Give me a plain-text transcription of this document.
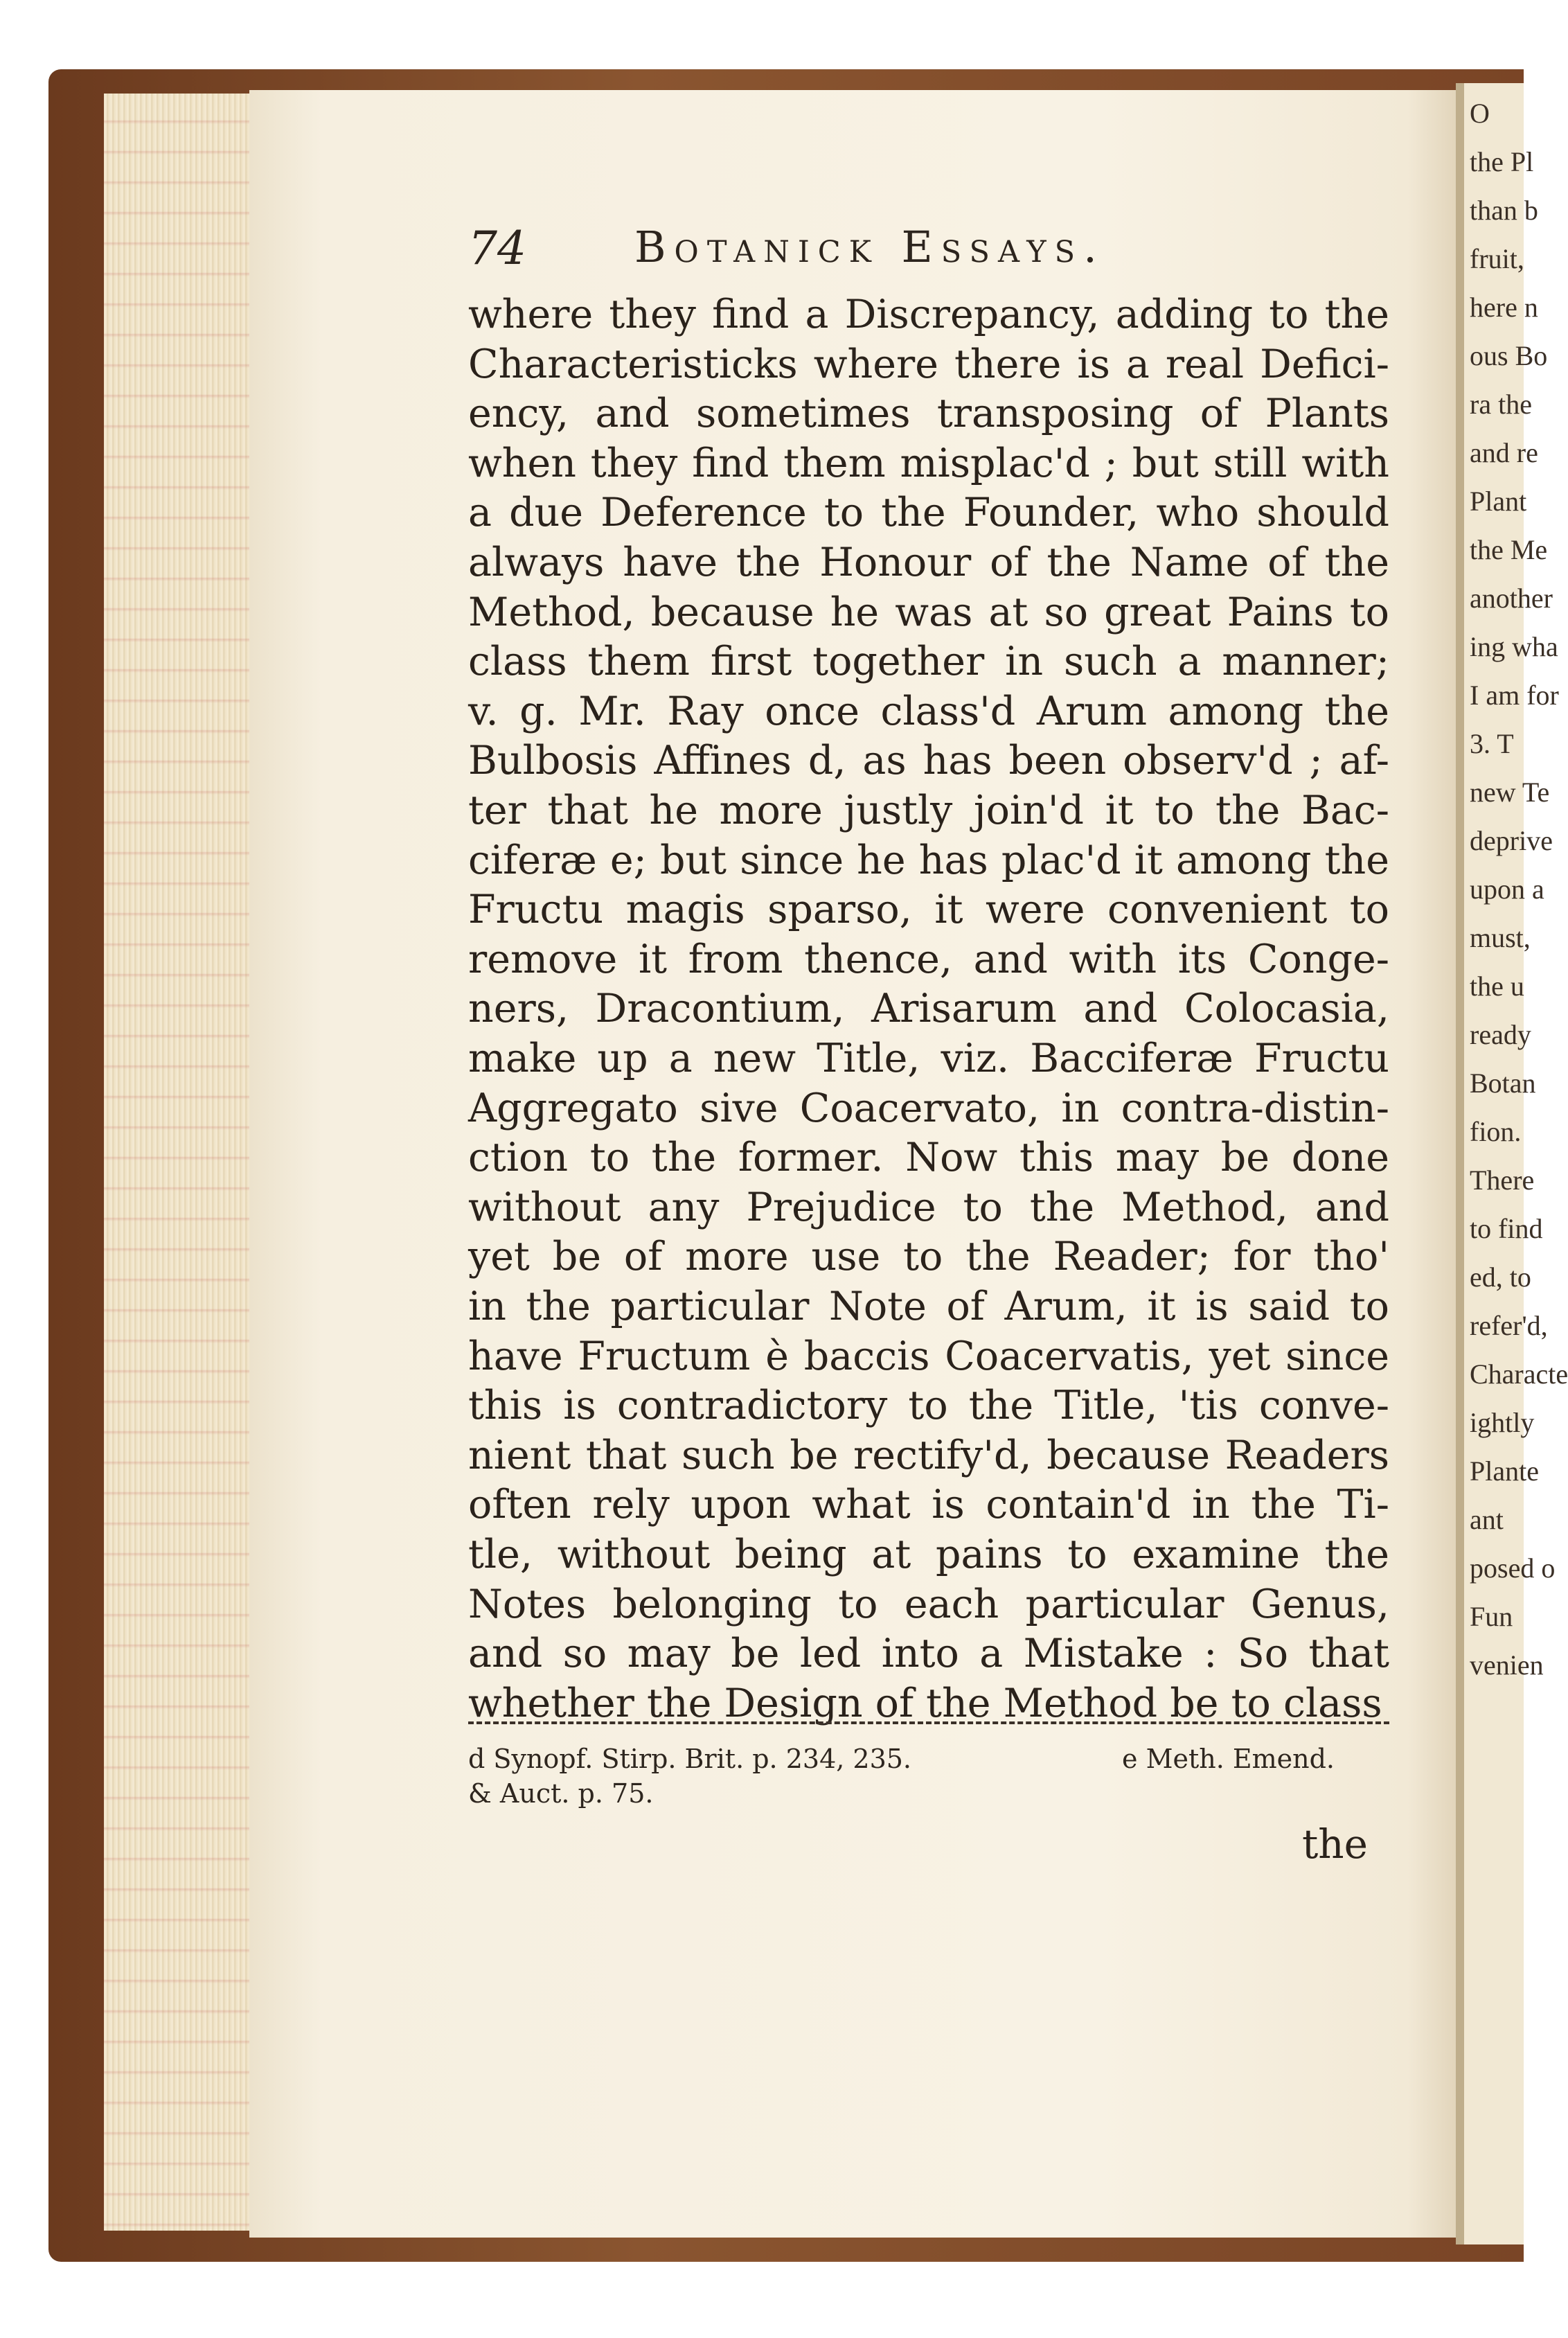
O
the Pl
than b
fruit,
here n
ous Bo
ra the
and re
Plant
the Me
another
ing wha
I am for
3. T
new Te
deprive
upon a
must,
the u
ready
Botan
fion.
There
to find
ed, to
refer'd,
Characte
ightly
Plante
ant
posed o
Fun
venien
74	Botanick Essays.
where they find a Discrepancy, adding to the
Characteristicks where there is a real Defici-
ency, and sometimes transposing of Plants
when they find them misplac'd ; but still with
a due Deference to the Founder, who should
always have the Honour of the Name of the
Method, because he was at so great Pains to
class them first together in such a manner;
v. g. Mr. Ray once class'd Arum among the
Bulbosis Affines d, as has been observ'd ; af-
ter that he more justly join'd it to the Bac-
ciferæ e; but since he has plac'd it among the
Fructu magis sparso, it were convenient to
remove it from thence, and with its Conge-
ners, Dracontium, Arisarum and Colocasia,
make up a new Title, viz. Bacciferæ Fructu
Aggregato sive Coacervato, in contra-distin-
ction to the former. Now this may be done
without any Prejudice to the Method, and
yet be of more use to the Reader; for tho'
in the particular Note of Arum, it is said to
have Fructum è baccis Coacervatis, yet since
this is contradictory to the Title, 'tis conve-
nient that such be rectify'd, because Readers
often rely upon what is contain'd in the Ti-
tle, without being at pains to examine the
Notes belonging to each particular Genus,
and so may be led into a Mistake : So that
whether the Design of the Method be to class
d Synopf. Stirp. Brit. p. 234, 235.	e Meth. Emend.
& Auct. p. 75.
the
